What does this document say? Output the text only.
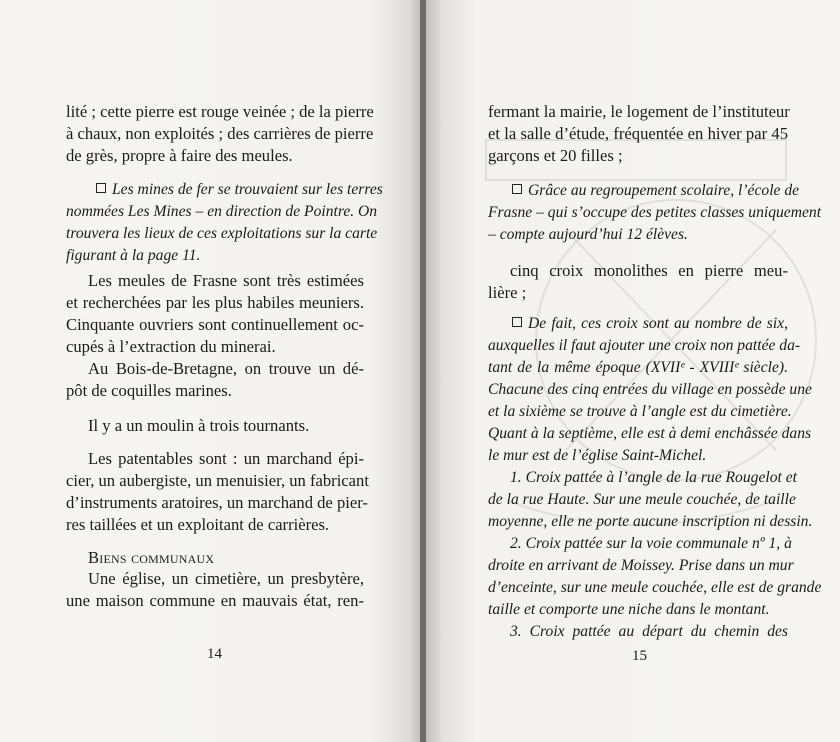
lité ; cette pierre est rouge veinée ; de la pierre
à chaux, non exploités ; des carrières de pierre
de grès, propre à faire des meules.
Les mines de fer se trouvaient sur les terres
nommées Les Mines – en direction de Pointre. On
trouvera les lieux de ces exploitations sur la carte
figurant à la page 11.
Les meules de Frasne sont très estimées
et recherchées par les plus habiles meuniers.
Cinquante ouvriers sont continuellement oc-
cupés à l’extraction du minerai.
Au Bois-de-Bretagne, on trouve un dé-
pôt de coquilles marines.
Il y a un moulin à trois tournants.
Les patentables sont : un marchand épi-
cier, un aubergiste, un menuisier, un fabricant
d’instruments aratoires, un marchand de pier-
res taillées et un exploitant de carrières.
Biens communaux
Une église, un cimetière, un presbytère,
une maison commune en mauvais état, ren-
14
fermant la mairie, le logement de l’instituteur
et la salle d’étude, fréquentée en hiver par 45
garçons et 20 filles ;
Grâce au regroupement scolaire, l’école de
Frasne – qui s’occupe des petites classes uniquement
– compte aujourd’hui 12 élèves.
cinq croix monolithes en pierre meu-
lière ;
De fait, ces croix sont au nombre de six,
auxquelles il faut ajouter une croix non pattée da-
tant de la même époque (XVIIᵉ - XVIIIᵉ siècle).
Chacune des cinq entrées du village en possède une
et la sixième se trouve à l’angle est du cimetière.
Quant à la septième, elle est à demi enchâssée dans
le mur est de l’église Saint-Michel.
1. Croix pattée à l’angle de la rue Rougelot et
de la rue Haute. Sur une meule couchée, de taille
moyenne, elle ne porte aucune inscription ni dessin.
2. Croix pattée sur la voie communale nº 1, à
droite en arrivant de Moissey. Prise dans un mur
d’enceinte, sur une meule couchée, elle est de grande
taille et comporte une niche dans le montant.
3. Croix pattée au départ du chemin des
15
